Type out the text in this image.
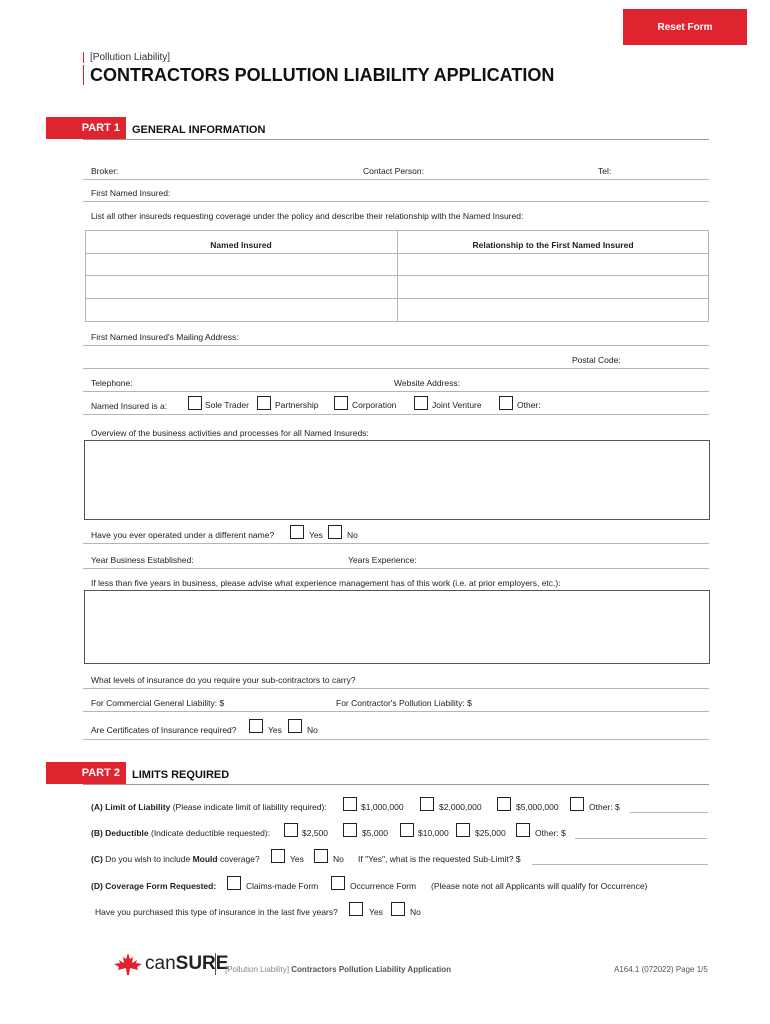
Reset Form
[Pollution Liability]
CONTRACTORS POLLUTION LIABILITY APPLICATION
PART 1	GENERAL INFORMATION
Broker:	Contact Person:	Tel:
First Named Insured:
List all other insureds requesting coverage under the policy and describe their relationship with the Named Insured:
Named Insured	Relationship to the First Named Insured
First Named Insured's Mailing Address:
Postal Code:
Telephone:	Website Address:
Named Insured is a:	Sole Trader	Partnership	Corporation	Joint Venture	Other:
Overview of the business activities and processes for all Named Insureds:
Have you ever operated under a different name?	Yes	No
Year Business Established:	Years Experience:
If less than five years in business, please advise what experience management has of this work (i.e. at prior employers, etc.):
What levels of insurance do you require your sub-contractors to carry?
For Commercial General Liability: $	For Contractor's Pollution Liability: $
Are Certificates of Insurance required?	Yes	No
PART 2	LIMITS REQUIRED
(A) Limit of Liability (Please indicate limit of liability required):	$1,000,000	$2,000,000	$5,000,000	Other: $
(B) Deductible (Indicate deductible requested):	$2,500	$5,000	$10,000	$25,000	Other: $
(C) Do you wish to include Mould coverage?	Yes	No If "Yes", what is the requested Sub-Limit? $
(D) Coverage Form Requested:	Claims-made Form	Occurrence Form (Please note not all Applicants will qualify for Occurrence)
Have you purchased this type of insurance in the last five years?	Yes	No
canSURE
[Pollution Liability] Contractors Pollution Liability Application	A164.1 (072022) Page 1/5
